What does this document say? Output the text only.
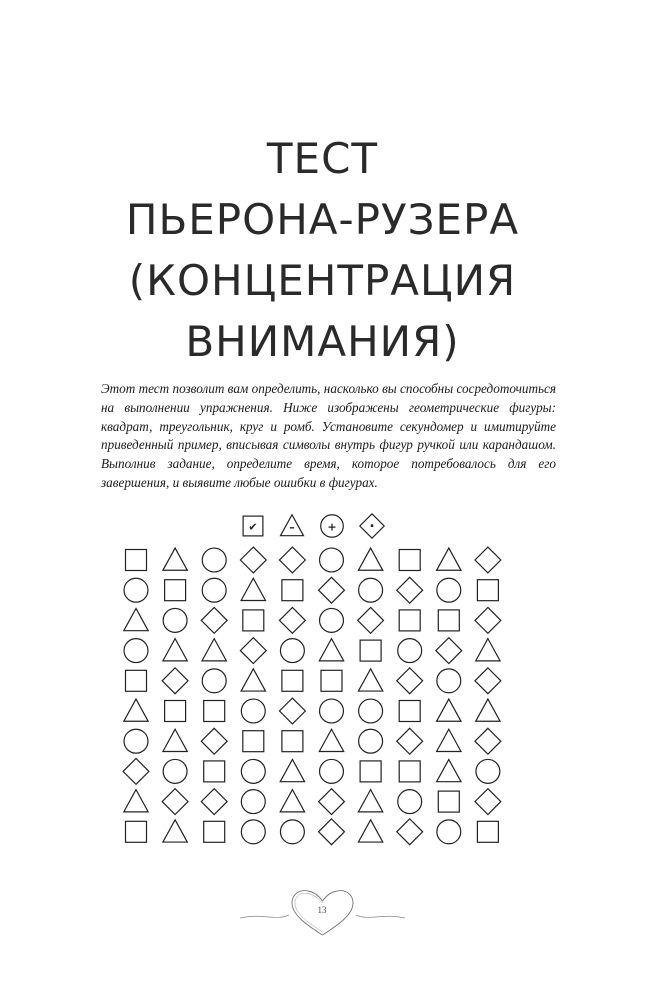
ТЕСТ
ПЬЕРОНА-РУЗЕРА
(КОНЦЕНТРАЦИЯ
ВНИМАНИЯ)

Этот тест позволит вам определить, насколько вы способны сосредоточиться на выполнении упражнения. Ниже изображены геометрические фигуры: квадрат, треугольник, круг и ромб. Установите секундомер и имитируйте приведенный пример, вписывая символы внутрь фигур ручкой или карандашом. Выполнив задание, определите время, которое потребовалось для его завершения, и выявите любые ошибки в фигурах.

✔	–	+ ·
13
